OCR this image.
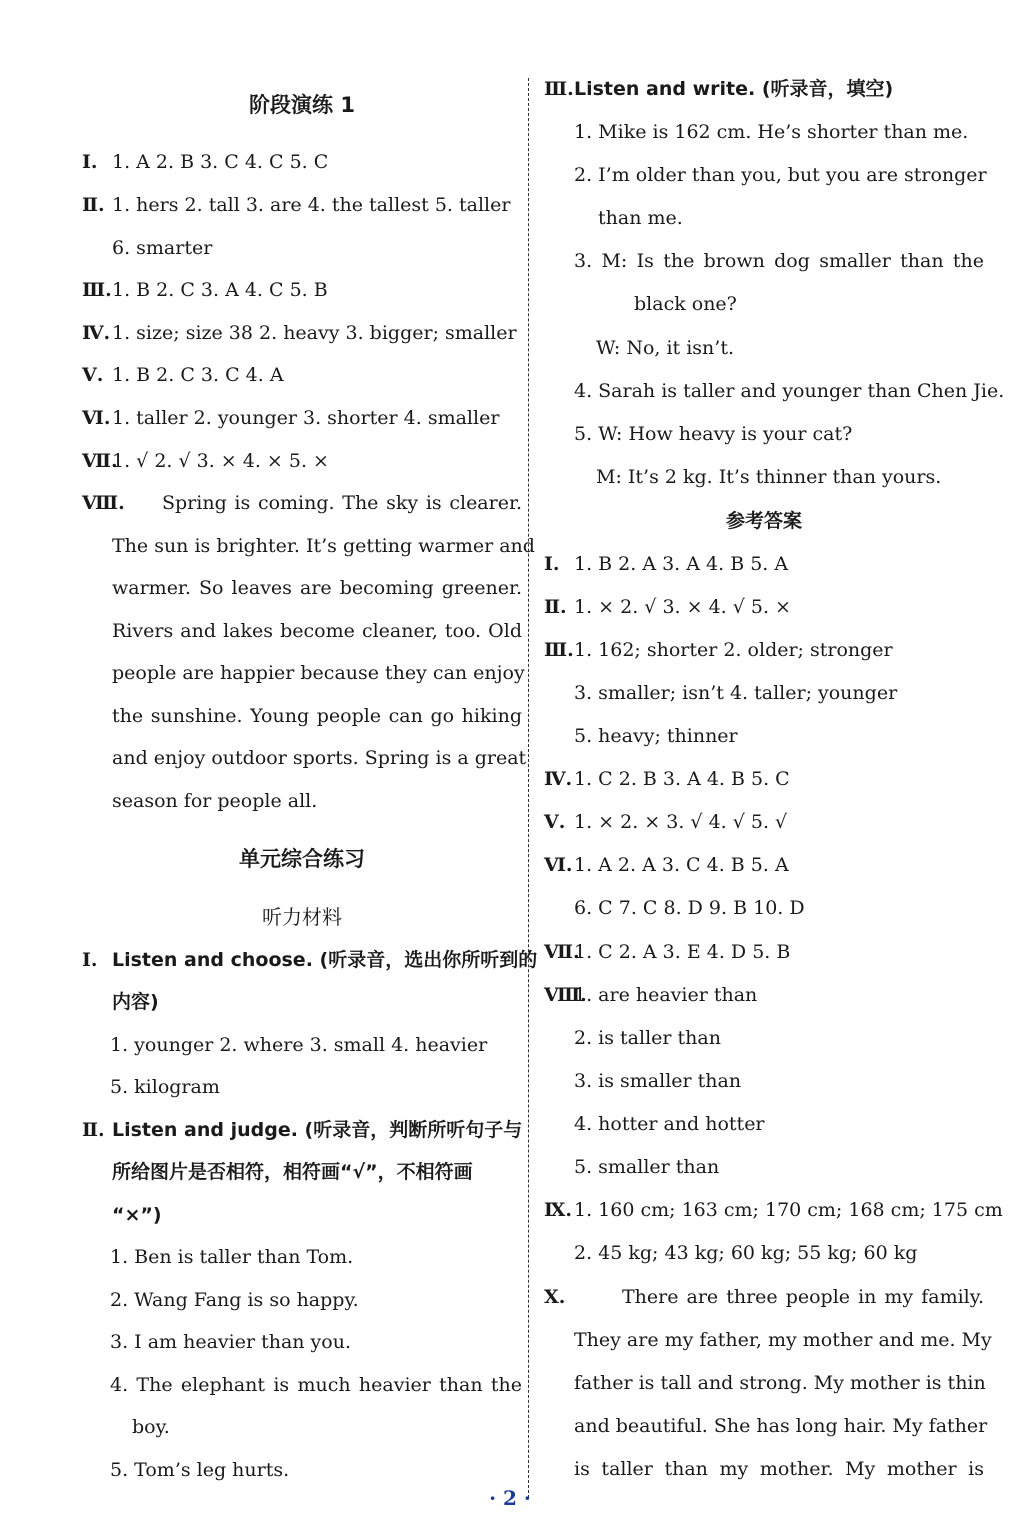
阶段演练 1
Ⅰ. 1. A 2. B 3. C 4. C 5. C
Ⅱ. 1. hers 2. tall 3. are 4. the tallest 5. taller
6. smarter
Ⅲ. 1. B 2. C 3. A 4. C 5. B
Ⅳ. 1. size; size 38 2. heavy 3. bigger; smaller
Ⅴ. 1. B 2. C 3. C 4. A
Ⅵ. 1. taller 2. younger 3. shorter 4. smaller
Ⅶ.
1. √ 2. √ 3. × 4. × 5. ×
Ⅷ. Spring is coming. The sky is clearer.
The sun is brighter. It’s getting warmer and
warmer. So leaves are becoming greener.
Rivers and lakes become cleaner, too. Old
people are happier because they can enjoy
the sunshine. Young people can go hiking
and enjoy outdoor sports. Spring is a great
season for people all.
单元综合练习
听力材料
Ⅰ. Listen and choose. (听录音，选出你所听到的
内容)
1. younger 2. where 3. small 4. heavier
5. kilogram
Ⅱ. Listen and judge. (听录音，判断所听句子与
所给图片是否相符，相符画“√”，不相符画
“×”)
1. Ben is taller than Tom.
2. Wang Fang is so happy.
3. I am heavier than you.
4. The elephant is much heavier than the
boy.
5. Tom’s leg hurts.
Ⅲ. Listen and write. (听录音，填空)
1. Mike is 162 cm. He’s shorter than me.
2. I’m older than you, but you are stronger
than me.
3. M: Is the brown dog smaller than the
black one?
W: No, it isn’t.
4. Sarah is taller and younger than Chen Jie.
5. W: How heavy is your cat?
M: It’s 2 kg. It’s thinner than yours.
参考答案
Ⅰ. 1. B 2. A 3. A 4. B 5. A
Ⅱ. 1. × 2. √ 3. × 4. √ 5. ×
Ⅲ. 1. 162; shorter 2. older; stronger
3. smaller; isn’t 4. taller; younger
5. heavy; thinner
Ⅳ. 1. C 2. B 3. A 4. B 5. C
Ⅴ. 1. × 2. × 3. √ 4. √ 5. √
Ⅵ. 1. A 2. A 3. C 4. B 5. A
6. C 7. C 8. D 9. B 10. D
Ⅶ.
1. C 2. A 3. E 4. D 5. B
Ⅷ.
1. are heavier than
2. is taller than
3. is smaller than
4. hotter and hotter
5. smaller than
Ⅸ. 1. 160 cm; 163 cm; 170 cm; 168 cm; 175 cm
2. 45 kg; 43 kg; 60 kg; 55 kg; 60 kg
Ⅹ.	There are three people in my family.
They are my father, my mother and me. My
father is tall and strong. My mother is thin
and beautiful. She has long hair. My father
is taller than my mother. My mother is
· 2 ·
